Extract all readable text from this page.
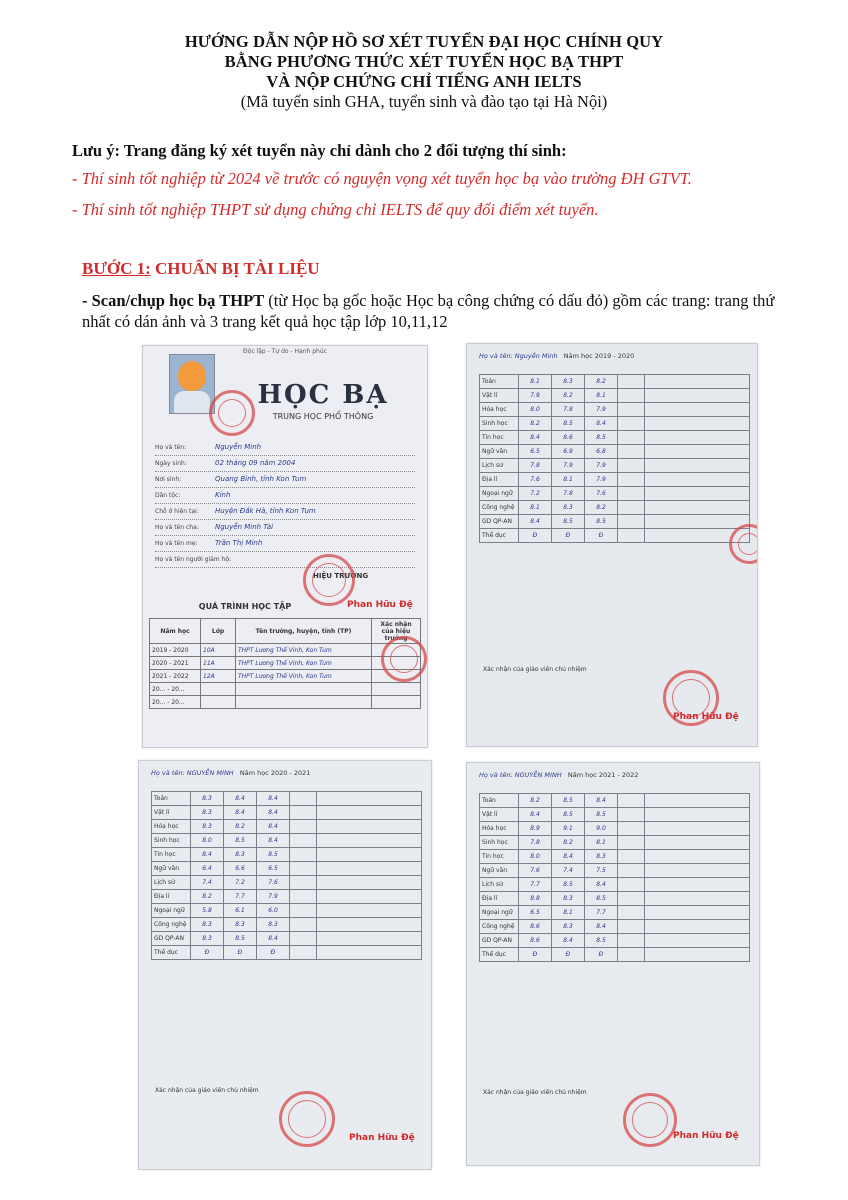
HƯỚNG DẪN NỘP HỒ SƠ XÉT TUYỂN ĐẠI HỌC CHÍNH QUY
BẰNG PHƯƠNG THỨC XÉT TUYỂN HỌC BẠ THPT
VÀ NỘP CHỨNG CHỈ TIẾNG ANH IELTS
(Mã tuyển sinh GHA, tuyển sinh và đào tạo tại Hà Nội)
Lưu ý: Trang đăng ký xét tuyển này chỉ dành cho 2 đối tượng thí sinh:
- Thí sinh tốt nghiệp từ 2024 về trước có nguyện vọng xét tuyển học bạ vào trường ĐH GTVT.
- Thí sinh tốt nghiệp THPT sử dụng chứng chỉ IELTS để quy đổi điểm xét tuyển.
BƯỚC 1: CHUẨN BỊ TÀI LIỆU
- Scan/chụp học bạ THPT (từ Học bạ gốc hoặc Học bạ công chứng có dấu đỏ) gồm các trang: trang thứ nhất có dán ảnh và 3 trang kết quả học tập lớp 10,11,12
Độc lập - Tự do - Hạnh phúc
HỌC BẠ
TRUNG HỌC PHỔ THÔNG
Họ và tên:	Nguyễn Minh
Ngày sinh:	02 tháng 09 năm 2004
Nơi sinh:	Quang Bình, tỉnh Kon Tum
Dân tộc:	Kinh
Chỗ ở hiện tại: Huyện Đắk Hà, tỉnh Kon Tum
Họ và tên cha: Nguyễn Minh Tài
Họ và tên mẹ: Trần Thị Minh
Họ và tên người giám hộ:
HIỆU TRƯỞNG
Phan Hữu Đệ
QUÁ TRÌNH HỌC TẬP
Năm học	Lớp	Tên trường, huyện, tỉnh (TP)	Xác nhận của hiệu trưởng
2019 - 2020	10A	THPT Lương Thế Vinh, Kon Tum	
2020 - 2021	11A	THPT Lương Thế Vinh, Kon Tum	
2021 - 2022	12A	THPT Lương Thế Vinh, Kon Tum	
20... - 20...			
20... - 20...			
Họ và tên: Nguyễn Minh Năm học 2019 - 2020
Toán	8.1	8.3	8.2		
Vật lí	7.9	8.2	8.1		
Hóa học	8.0	7.8	7.9		
Sinh học	8.2	8.5	8.4		
Tin học	8.4	8.6	8.5		
Ngữ văn	6.5	6.9	6.8		
Lịch sử	7.8	7.9	7.9		
Địa lí	7.6	8.1	7.9		
Ngoại ngữ	7.2	7.8	7.6		
Công nghệ	8.1	8.3	8.2		
GD QP-AN	8.4	8.5	8.5		
Thể dục	Đ	Đ	Đ		
Xác nhận của giáo viên chủ nhiệm
Phan Hữu Đệ
Họ và tên: NGUYỄN MINH Năm học 2020 - 2021
Toán	8.3	8.4	8.4		
Vật lí	8.3	8.4	8.4		
Hóa học	8.3	8.2	8.4		
Sinh học	8.0	8.5	8.4		
Tin học	8.4	8.3	8.5		
Ngữ văn	6.4	6.6	6.5		
Lịch sử	7.4	7.2	7.6		
Địa lí	8.2	7.7	7.9		
Ngoại ngữ	5.8	6.1	6.0		
Công nghệ	8.3	8.3	8.3		
GD QP-AN	8.3	8.5	8.4		
Thể dục	Đ	Đ	Đ		
Xác nhận của giáo viên chủ nhiệm
Phan Hữu Đệ
Họ và tên: NGUYỄN MINH Năm học 2021 - 2022
Toán	8.2	8.5	8.4		
Vật lí	8.4	8.5	8.5		
Hóa học	8.9	9.1	9.0		
Sinh học	7.8	8.2	8.1		
Tin học	8.0	8.4	8.3		
Ngữ văn	7.6	7.4	7.5		
Lịch sử	7.7	8.5	8.4		
Địa lí	8.8	8.3	8.5		
Ngoại ngữ	6.5	8.1	7.7		
Công nghệ	8.6	8.3	8.4		
GD QP-AN	8.6	8.4	8.5		
Thể dục	Đ	Đ	Đ		
Xác nhận của giáo viên chủ nhiệm
Phan Hữu Đệ
